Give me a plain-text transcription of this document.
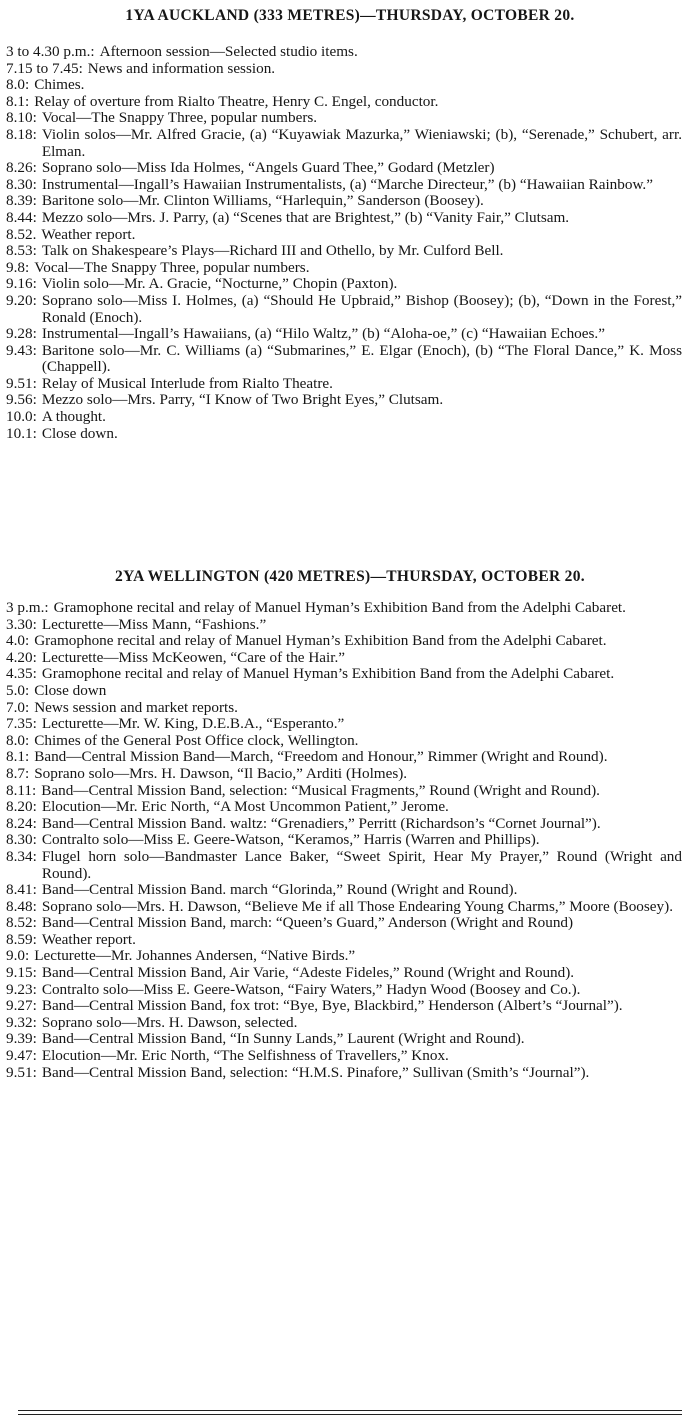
1YA AUCKLAND (333 METRES)—THURSDAY, OCTOBER 20.
3 to 4.30 p.m.: Afternoon session—Selected studio items.
7.15 to 7.45: News and information session.
8.0: Chimes.
8.1: Relay of overture from Rialto Theatre, Henry C. Engel, conductor.
8.10: Vocal—The Snappy Three, popular numbers.
8.18: Violin solos—Mr. Alfred Gracie, (a) “Kuyawiak Mazurka,” Wieniawski; (b), “Serenade,” Schubert, arr. Elman.
8.26: Soprano solo—Miss Ida Holmes, “Angels Guard Thee,” Godard (Metzler)
8.30: Instrumental—Ingall’s Hawaiian Instrumentalists, (a) “Marche Directeur,” (b) “Hawaiian Rainbow.”
8.39: Baritone solo—Mr. Clinton Williams, “Harlequin,” Sanderson (Boosey).
8.44: Mezzo solo—Mrs. J. Parry, (a) “Scenes that are Brightest,” (b) “Vanity Fair,” Clutsam.
8.52. Weather report.
8.53: Talk on Shakespeare’s Plays—Richard III and Othello, by Mr. Culford Bell.
9.8: Vocal—The Snappy Three, popular numbers.
9.16: Violin solo—Mr. A. Gracie, “Nocturne,” Chopin (Paxton).
9.20: Soprano solo—Miss I. Holmes, (a) “Should He Upbraid,” Bishop (Boosey); (b), “Down in the Forest,” Ronald (Enoch).
9.28: Instrumental—Ingall’s Hawaiians, (a) “Hilo Waltz,” (b) “Aloha-oe,” (c) “Hawaiian Echoes.”
9.43: Baritone solo—Mr. C. Williams (a) “Submarines,” E. Elgar (Enoch), (b) “The Floral Dance,” K. Moss (Chappell).
9.51: Relay of Musical Interlude from Rialto Theatre.
9.56: Mezzo solo—Mrs. Parry, “I Know of Two Bright Eyes,” Clutsam.
10.0: A thought.
10.1: Close down.
2YA WELLINGTON (420 METRES)—THURSDAY, OCTOBER 20.
3 p.m.: Gramophone recital and relay of Manuel Hyman’s Exhibition Band from the Adelphi Cabaret.
3.30: Lecturette—Miss Mann, “Fashions.”
4.0: Gramophone recital and relay of Manuel Hyman’s Exhibition Band from the Adelphi Cabaret.
4.20: Lecturette—Miss McKeowen, “Care of the Hair.”
4.35: Gramophone recital and relay of Manuel Hyman’s Exhibition Band from the Adelphi Cabaret.
5.0: Close down
7.0: News session and market reports.
7.35: Lecturette—Mr. W. King, D.E.B.A., “Esperanto.”
8.0: Chimes of the General Post Office clock, Wellington.
8.1: Band—Central Mission Band—March, “Freedom and Honour,” Rimmer (Wright and Round).
8.7: Soprano solo—Mrs. H. Dawson, “Il Bacio,” Arditi (Holmes).
8.11: Band—Central Mission Band, selection: “Musical Fragments,” Round (Wright and Round).
8.20: Elocution—Mr. Eric North, “A Most Uncommon Patient,” Jerome.
8.24: Band—Central Mission Band. waltz: “Grenadiers,” Perritt (Richardson’s “Cornet Journal”).
8.30: Contralto solo—Miss E. Geere-Watson, “Keramos,” Harris (Warren and Phillips).
8.34: Flugel horn solo—Bandmaster Lance Baker, “Sweet Spirit, Hear My Prayer,” Round (Wright and Round).
8.41: Band—Central Mission Band. march “Glorinda,” Round (Wright and Round).
8.48: Soprano solo—Mrs. H. Dawson, “Believe Me if all Those Endearing Young Charms,” Moore (Boosey).
8.52: Band—Central Mission Band, march: “Queen’s Guard,” Anderson (Wright and Round)
8.59: Weather report.
9.0: Lecturette—Mr. Johannes Andersen, “Native Birds.”
9.15: Band—Central Mission Band, Air Varie, “Adeste Fideles,” Round (Wright and Round).
9.23: Contralto solo—Miss E. Geere-Watson, “Fairy Waters,” Hadyn Wood (Boosey and Co.).
9.27: Band—Central Mission Band, fox trot: “Bye, Bye, Blackbird,” Henderson (Albert’s “Journal”).
9.32: Soprano solo—Mrs. H. Dawson, selected.
9.39: Band—Central Mission Band, “In Sunny Lands,” Laurent (Wright and Round).
9.47: Elocution—Mr. Eric North, “The Selfishness of Travellers,” Knox.
9.51: Band—Central Mission Band, selection: “H.M.S. Pinafore,” Sullivan (Smith’s “Journal”).
